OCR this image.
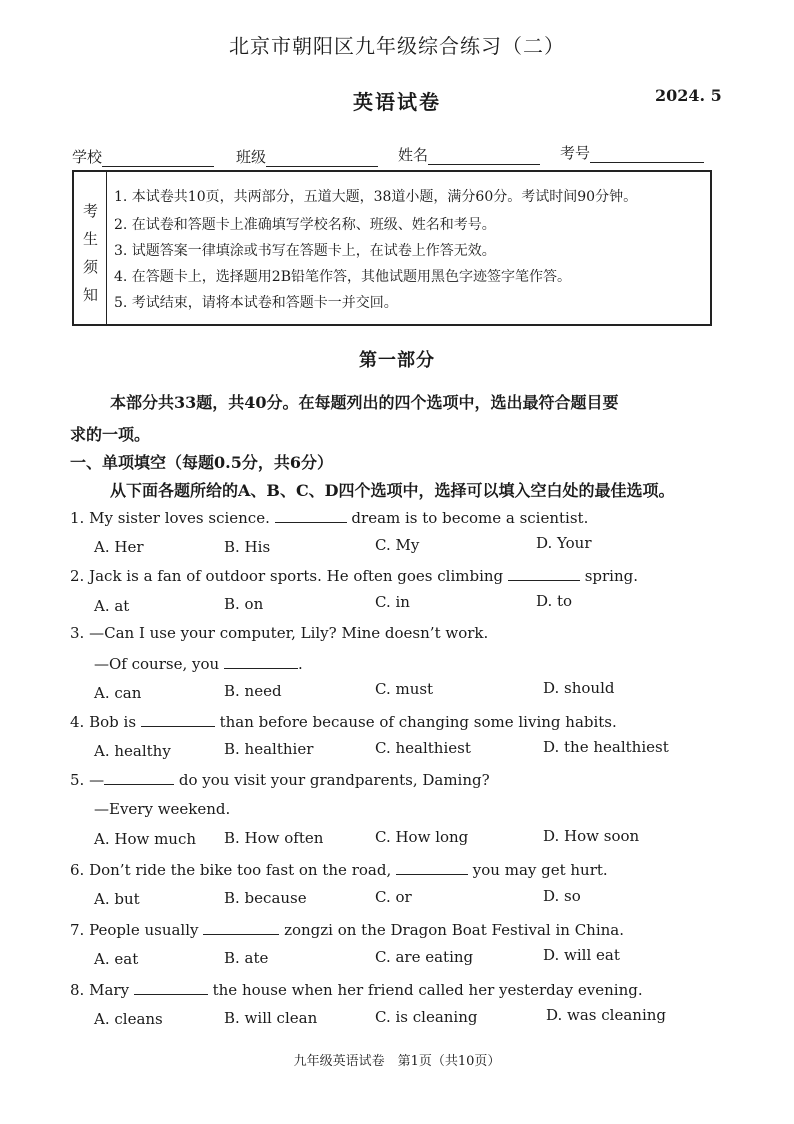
北京市朝阳区九年级综合练习（二）
英语试卷	2024. 5
学校	班级	姓名	考号
考
生
须
知
1. 本试卷共10页，共两部分，五道大题，38道小题，满分60分。考试时间90分钟。
2. 在试卷和答题卡上准确填写学校名称、班级、姓名和考号。
3. 试题答案一律填涂或书写在答题卡上，在试卷上作答无效。
4. 在答题卡上，选择题用2B铅笔作答，其他试题用黑色字迹签字笔作答。
5. 考试结束，请将本试卷和答题卡一并交回。
第一部分
本部分共33题，共40分。在每题列出的四个选项中，选出最符合题目要
求的一项。
一、单项填空（每题0.5分，共6分）
从下面各题所给的A、B、C、D四个选项中，选择可以填入空白处的最佳选项。
1. My sister loves science.	dream is to become a scientist.
A. Her	B. His	C. My	D. Your
2. Jack is a fan of outdoor sports. He often goes climbing	spring.
A. at	B. on	C. in	D. to
3. —Can I use your computer, Lily? Mine doesn’t work.
—Of course, you	.
A. can	B. need	C. must	D. should
4. Bob is	than before because of changing some living habits.
A. healthy	B. healthier	C. healthiest	D. the healthiest
5. —	do you visit your grandparents, Daming?
—Every weekend.
A. How much B. How often	C. How long	D. How soon
6. Don’t ride the bike too fast on the road,	you may get hurt.
A. but	B. because	C. or	D. so
7. People usually	zongzi on the Dragon Boat Festival in China.
A. eat	B. ate	C. are eating	D. will eat
8. Mary	the house when her friend called her yesterday evening.
A. cleans	B. will clean	C. is cleaning	D. was cleaning
九年级英语试卷　第1页（共10页）
